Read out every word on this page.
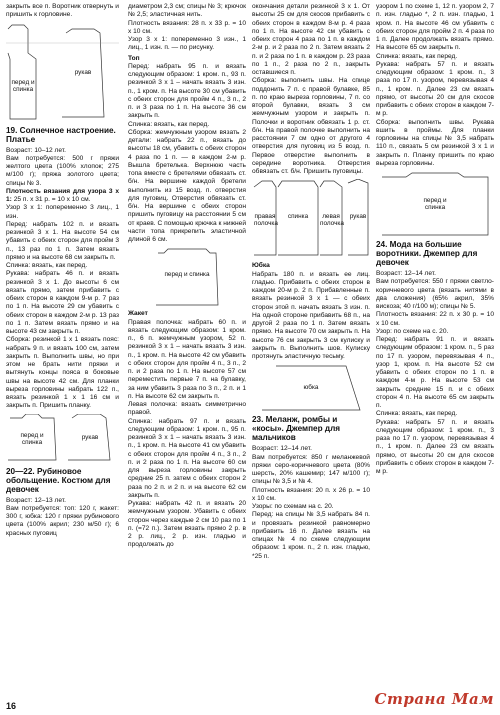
закрыть все п. Воротник отвернуть и пришить к горловине.

перед и спинка
рукав
19. Солнечное настроение. Платье

Возраст: 10–12 лет.

Вам потребуется: 500 г пряжи желтого цвета (100% хлопок; 275 м/100 г); пряжа золотого цвета; спицы № 3.

Плотность вязания для узора 3 х 1: 25 п. х 31 р. = 10 х 10 см.

Узор 3 х 1: попеременно 3 лиц., 1 изн.

Перед: набрать 102 п. и вязать резинкой 3 х 1. На высоте 54 см убавить с обеих сторон для пройм 3 п., 13 раз по 1 п. Затем вязать прямо и на высоте 68 см закрыть п.

Спинка: вязать, как перед.

Рукава: набрать 46 п. и вязать резинкой 3 х 1. До высоты 6 см вязать прямо, затем прибавить с обеих сторон в каждом 9-м р. 7 раз по 1 п. На высоте 29 см убавить с обеих сторон в каждом 2-м р. 13 раз по 1 п. Затем вязать прямо и на высоте 43 см закрыть п.

Сборка: резинкой 1 х 1 вязать пояс: набрать 9 п. и вязать 100 см, затем закрыть п. Выполнить швы, но при этом не брать нити пряжи и вытянуть концы пояса в боковые швы на высоте 42 см. Для планки выреза горловины набрать 122 п., вязать резинкой 1 х 1 16 см и закрыть п. Пришить планку.

перед и спинка
рукав
20—22. Рубиновое обольщение. Костюм для девочек

Возраст: 12–13 лет.

Вам потребуется: топ: 120 г, жакет: 300 г, юбка: 120 г пряжи рубинового цвета (100% акрил; 230 м/50 г); 6 красных пуговиц

диаметром 2,3 см; спицы № 3; крючок № 2,5; эластичная нить.

Плотность вязания: 28 п. х 33 р. = 10 х 10 см.

Узор 3 х 1: попеременно 3 изн., 1 лиц., 1 изн. п. — по рисунку.

Топ

Перед: набрать 95 п. и вязать следующим образом: 1 кром. п., 93 п. резинкой 3 х 1 – начать вязать 3 изн. п., 1 кром. п. На высоте 30 см убавить с обеих сторон для пройм 4 п., 3 п., 2 п. и 3 раза по 1 п. На высоте 36 см закрыть п.

Спинка: вязать, как перед.

Сборка: жемчужным узором вязать 2 детали: набрать 22 п., вязать до высоты 18 см, убавить с обеих сторон 4 раза по 1 п. — в каждом 2-м р. Вышла бретелька. Верхнюю часть топа вместе с бретелями обвязать ст. б/н. На вершине каждой бретели выполнить из 15 возд. п. отверстия для пуговиц. Отверстия обвязать ст. б/н. На вершине с обеих сторон пришить пуговицу на расстоянии 5 см от краев. С помощью крючка к нижней части топа прикрепить эластичной длиной 6 см.

перед и спинка

Жакет

Правая полочка: набрать 60 п. и вязать следующим образом: 1 кром. п., 6 п. жемчужным узором, 52 п. резинкой 3 х 1 – начать вязать 3 изн. п., 1 кром. п. На высоте 42 см убавить с обеих сторон для пройм 4 п., 3 п., 2 п. и 2 раза по 1 п. На высоте 57 см переместить первые 7 п. на булавку, за ним убавить 3 раза по 3 п., 2 п. и 1 п. На высоте 62 см закрыть п.

Левая полочка: вязать симметрично правой.

Спинка: набрать 97 п. и вязать следующим образом: 1 кром. п., 95 п. резинкой 3 х 1 – начать вязать 3 изн. п., 1 кром. п. На высоте 41 см убавить с обеих сторон для пройм 4 п., 3 п., 2 п. и 2 раза по 1 п. На высоте 60 см для выреза горловины закрыть средние 25 п. затем с обеих сторон 2 раза по 2 п. и 2 п. и на высоте 62 см закрыть п.

Рукава: набрать 42 п. и вязать 20 жемчужным узором. Убавить с обеих сторон через каждые 2 см 10 раз по 1 п. (=72 п.). Затем вязать прямо 2 р. в 2 р. лиц., 2 р. изн. гладью и продолжать до

окончания детали резинкой 3 х 1. От высоты 25 см для скосов прибавить с обеих сторон в каждом 8-м р. 4 раза по 1 п. На высоте 42 см убавить с обеих сторон 4 раза по 1 п. в каждом 2-м р. и 2 раза по 2 п. Затем вязать 2 п. и 2 раза по 1 п. в каждом р. 23 раза по 1 п., 2 раза по 2 п., закрыть оставшиеся п.

Сборка: выполнить швы. На спице поддонить 7 п. с правой булавке, 85 п. по краю выреза горловины, 7 п. со второй булавки, вязать 3 см жемчужным узором и закрыть п. Полочки и воротник обвязать 1 р. ст. б/н. На правой полочке выполнить на расстоянии 7 см одно от другого 4 отверстия для пуговиц из 5 возд. п. Первое отверстие выполнить в середине воротника. Отверстия обвязать ст. б/н. Пришить пуговицы.

правая полочка
спинка	левая полочка
рукав

Юбка

Набрать 180 п. и вязать ее лиц. гладью. Прибавить с обеих сторон в каждом 20-м р. 2 п. Прибавленные п. вязать резинкой 3 х 1 — с обеих сторон этой п. начать вязать 3 изн. п. На одной стороне прибавить 68 п., на другой 2 раза по 1 п. Затем вязать прямо. На высоте 70 см закрыть п. На высоте 76 см закрыть 3 см кулиску и закрыть п. Выполнить шов. Кулиску протянуть эластичную тесьму.

юбка
23. Меланж, ромбы и «косы». Джемпер для мальчиков

Возраст: 12–14 лет.

Вам потребуется: 850 г меланжевой пряжи серо-коричневого цвета (80% шерсть, 20% кашемир; 147 м/100 г); спицы № 3,5 и № 4.

Плотность вязания: 20 п. х 26 р. = 10 х 10 см.

Узоры: по схемам на с. 20.

Перед: на спицы № 3,5 набрать 84 п. и провязать резинкой равномерно прибавить 16 п. Далее вязать на спицах № 4 по схеме следующим образом: 1 кром. п., 2 п. изн. гладью, *25 п.

узором 1 по схеме 1, 12 п. узором 2, 7 п. изн. гладью *, 2 п. изн. гладью, 1 кром. п. На высоте 46 см убавить с обеих сторон для пройм 2 п. 4 раза по 1 п. Далее продолжать вязать прямо. На высоте 65 см закрыть п.

Спинка: вязать, как перед.

Рукава: набрать 57 п. и вязать следующим образом: 1 кром. п., 3 раза по 17 п. узором, перевязывая 4 п., 1 кром. п. Далее 23 см вязать прямо, от высоты 20 см для скосов прибавить с обеих сторон в каждом 7-м р.

Сборка: выполнить швы. Рукава вшить в проймы. Для планки горловины на спицы № 3,5 набрать 110 п., связать 5 см резинкой 3 х 1 и закрыть п. Планку пришить по краю выреза горловины.

перед и спинка
24. Мода на большие воротники. Джемпер для девочек

Возраст: 12–14 лет.

Вам потребуется: 550 г пряжи светло-коричневого цвета (вязать нитями в два сложения) (65% акрил, 35% вискоза; 40 г/100 м); спицы № 5.

Плотность вязания: 22 п. х 30 р. = 10 х 10 см.

Узор: по схеме на с. 20.

Перед: набрать 91 п. и вязать следующим образом: 1 кром. п., 5 раз по 17 п. узором, перевязывая 4 п., узор 1, кром. п. На высоте 52 см убавить с обеих сторон по 1 п. в каждом 4-м р. На высоте 53 см закрыть средние 15 п. и с обеих сторон 4 п. На высоте 65 см закрыть п.

Спинка: вязать, как перед.

Рукава: набрать 57 п. и вязать следующим образом: 1 кром. п., 3 раза по 17 п. узором, перевязывая 4 п., 1 кром. п. Далее 23 см вязать прямо, от высоты 20 см для скосов прибавить с обеих сторон в каждом 7-м р.

16	Страна Мам
